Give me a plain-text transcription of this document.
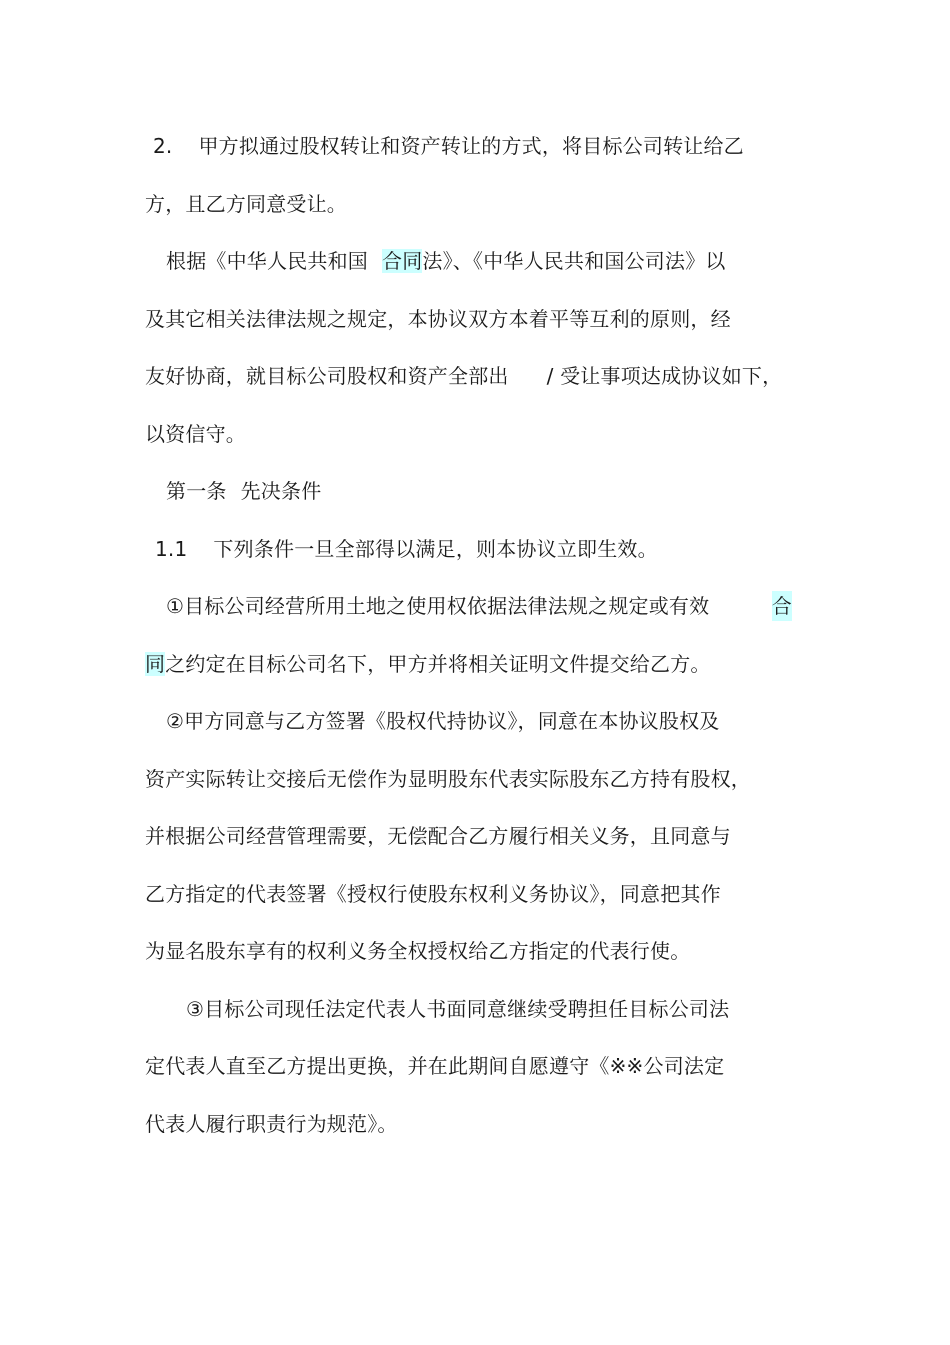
2. 甲方拟通过股权转让和资产转让的方式，将目标公司转让给乙
方，且乙方同意受让。
根据《中华人民共和国 合同法》、《中华人民共和国公司法》以
及其它相关法律法规之规定，本协议双方本着平等互利的原则，经
友好协商，就目标公司股权和资产全部出 / 受让事项达成协议如下，
以资信守。
第一条 先决条件
1.1 下列条件一旦全部得以满足，则本协议立即生效。
①目标公司经营所用土地之使用权依据法律法规之规定或有效	合
同之约定在目标公司名下，甲方并将相关证明文件提交给乙方。
②甲方同意与乙方签署《股权代持协议》，同意在本协议股权及
资产实际转让交接后无偿作为显明股东代表实际股东乙方持有股权，
并根据公司经营管理需要，无偿配合乙方履行相关义务，且同意与
乙方指定的代表签署《授权行使股东权利义务协议》，同意把其作
为显名股东享有的权利义务全权授权给乙方指定的代表行使。
③目标公司现任法定代表人书面同意继续受聘担任目标公司法
定代表人直至乙方提出更换，并在此期间自愿遵守《※※公司法定
代表人履行职责行为规范》。
